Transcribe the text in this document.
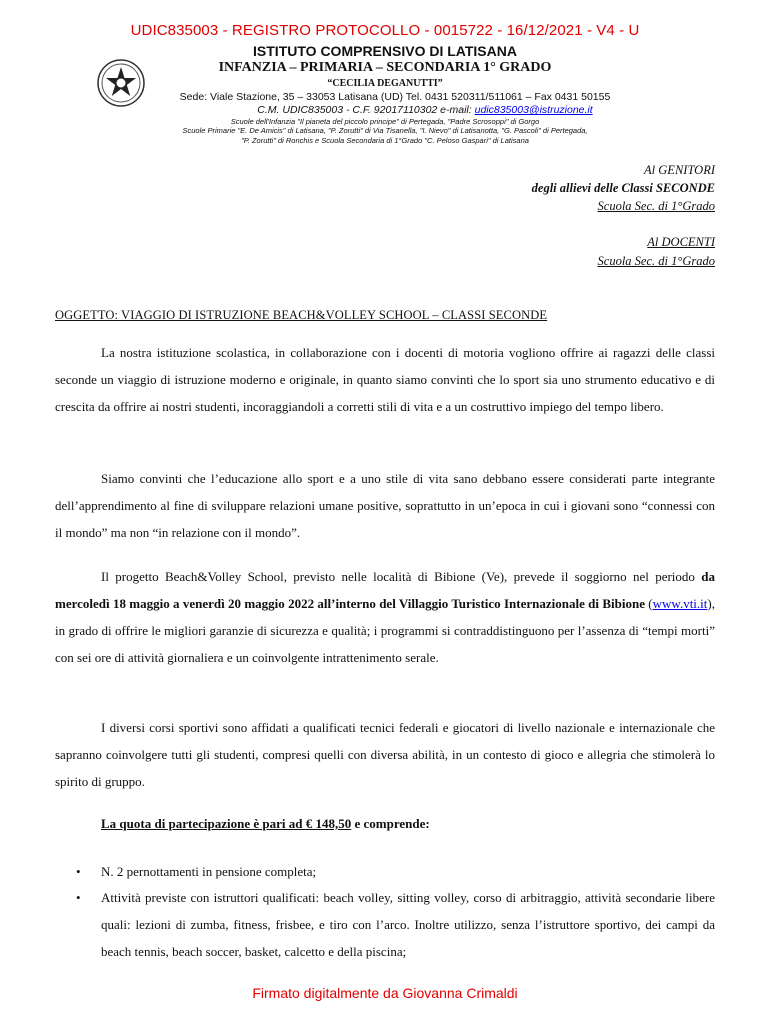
UDIC835003 - REGISTRO PROTOCOLLO - 0015722 - 16/12/2021 - V4 - U
ISTITUTO COMPRENSIVO DI LATISANA
INFANZIA – PRIMARIA – SECONDARIA 1° GRADO
“CECILIA DEGANUTTI”
Sede: Viale Stazione, 35 – 33053 Latisana (UD) Tel. 0431 520311/511061 – Fax 0431 50155
C.M. UDIC835003 - C.F. 92017110302 e-mail: udic835003@istruzione.it
Scuole dell'Infanzia "Il pianeta del piccolo principe" di Pertegada, "Padre Scrosoppi" di Gorgo
Scuole Primarie "E. De Amicis" di Latisana, "P. Zorutti" di Via Tisanella, "I. Nievo" di Latisanotta, "G. Pascoli" di Pertegada,
"P. Zorutti" di Ronchis e Scuola Secondaria di 1°Grado "C. Peloso Gaspari" di Latisana
Al GENITORI
degli allievi delle Classi SECONDE
Scuola Sec. di 1°Grado
Al DOCENTI
Scuola Sec. di 1°Grado
OGGETTO: VIAGGIO DI ISTRUZIONE BEACH&VOLLEY SCHOOL – CLASSI SECONDE
La nostra istituzione scolastica, in collaborazione con i docenti di motoria vogliono offrire ai ragazzi delle classi seconde un viaggio di istruzione moderno e originale, in quanto siamo convinti che lo sport sia uno strumento educativo e di crescita da offrire ai nostri studenti, incoraggiandoli a corretti stili di vita e a un costruttivo impiego del tempo libero.
Siamo convinti che l’educazione allo sport e a uno stile di vita sano debbano essere considerati parte integrante dell’apprendimento al fine di sviluppare relazioni umane positive, soprattutto in un’epoca in cui i giovani sono “connessi con il mondo” ma non “in relazione con il mondo”.
Il progetto Beach&Volley School, previsto nelle località di Bibione (Ve), prevede il soggiorno nel periodo da mercoledì 18 maggio a venerdì 20 maggio 2022 all’interno del Villaggio Turistico Internazionale di Bibione (www.vti.it), in grado di offrire le migliori garanzie di sicurezza e qualità; i programmi si contraddistinguono per l’assenza di “tempi morti” con sei ore di attività giornaliera e un coinvolgente intrattenimento serale.
I diversi corsi sportivi sono affidati a qualificati tecnici federali e giocatori di livello nazionale e internazionale che sapranno coinvolgere tutti gli studenti, compresi quelli con diversa abilità, in un contesto di gioco e allegria che stimolerà lo spirito di gruppo.
La quota di partecipazione è pari ad € 148,50 e comprende:
• N. 2 pernottamenti in pensione completa;
• Attività previste con istruttori qualificati: beach volley, sitting volley, corso di arbitraggio, attività secondarie libere quali: lezioni di zumba, fitness, frisbee, e tiro con l’arco. Inoltre utilizzo, senza l’istruttore sportivo, dei campi da beach tennis, beach soccer, basket, calcetto e della piscina;
Firmato digitalmente da Giovanna Crimaldi
